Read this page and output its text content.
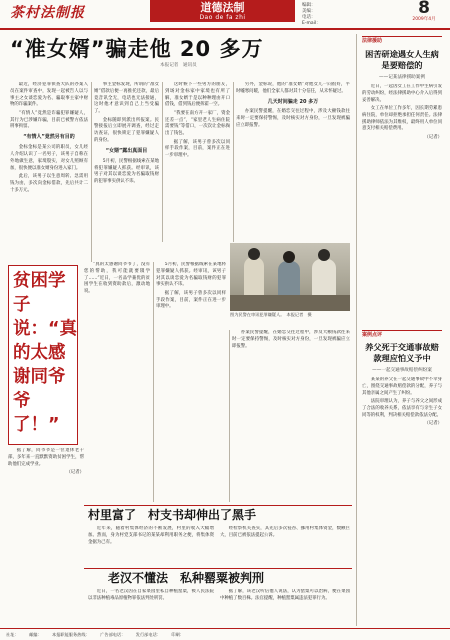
茶村法制报	道德法制
Dao de fa zhi
编辑：
美编：
电话：
E-mail：
8
2009年4月
“准女婿”骗走他 20 多万
本报记者　通讯员

最近，经济犯罪侦查大队的办案人员在案件审查中，发现一起被告人以与事主之女谈恋爱为名、骗取事主家中财物的诈骗案件。

“有情人”竟然是诈骗犯罪嫌疑人，其行为已涉嫌诈骗，目前已被警方依法刑事拘留。

“有情人”竟然另有目的

金标金标是某公司的职员，女儿经人介绍认识了一名男子，该男子自称在外地做生意，家境殷实，对女儿照顾有加，很快便以准女婿身份进入家门。

此后，该男子以生意周转、急需用钱为由，多次向金标借款，先后共计二十多万元。

事主金标发现，所谓的“准女婿”借款后便一再推托还款，最后竟音讯全无，电话也无法接通，这时他才意识到自己上当受骗了。

金标随即到派出所报案。民警接报后立即展开调查，经过走访查证，很快锁定了犯罪嫌疑人的身份。

“女婿”露出真面目

5月初，民警根据线索在某地将犯罪嫌疑人抓获。经审讯，该男子对其以谈恋爱为名骗取钱财的犯罪事实供认不讳。

这时候下一些男方的朋友，到场对金标家中家境也有所了解，准女婿于是以种种理由开口借钱，借到钱后便挥霍一空。

“我要在南方开一家厂，资金还差一点”，“家里老人生病住院需要钱”等借口，一次次让金标掏出了钱包。

据了解，该男子曾多次以同样手段作案，目前，案件正在进一步审理中。

另外，金标说，他的“准女婿”对他女儿一向很好，平时嘘寒问暖，他们全家人都对其十分信任，从未怀疑过。

几天时间骗走 20 多万

办案民警提醒，在婚恋交往过程中，涉及大额钱款往来时一定要保持警惕，及时核实对方身份，一旦发现被骗应立即报警。

图为民警在审讯犯罪嫌疑人。　本报记者　摄

“真的太感谢同爷爷了，没有您的帮助，我可能就要辍学了……”近日，一名品学兼优的贫困学生在收到资助款后，激动地说。

贫困学子说：“真的太感谢同爷爷了！”

据了解，同爷爷是一位退休老干部，多年来一直默默资助贫困学生，帮助他们完成学业。

（记者）

5月初，民警根据线索在某地将犯罪嫌疑人抓获。经审讯，该男子对其以谈恋爱为名骗取钱财的犯罪事实供认不讳。

据了解，该男子曾多次以同样手段作案，目前，案件正在进一步审理中。

办案民警提醒，在婚恋交往过程中，涉及大额钱款往来时一定要保持警惕，及时核实对方身份，一旦发现被骗应立即报警。

村里富了　村支书却伸出了黑手

近年来，随着村集体经济的不断发展，村里的收入大幅增加。然而，身为村党支部书记的某某却利用职务之便，将集体资金据为己有。

经检察机关查实，其先后多次侵吞、挪用村集体资金，数额巨大，目前已被依法提起公诉。

老汉不懂法　私种罂粟被判刑

近日，一名老汉因在自家菜园里私自种植罂粟，被人民法院以非法种植毒品原植物罪依法判处刑罚。

据了解，该老汉听信他人说法，认为罂粟可以治病，便在菜园中种植了数百株。法官提醒，种植罂粟属违法犯罪行为。

法律援助
困苦研途遇女人生病是要赔偿的
——记某法律援助案例

近日，一起因女工在工作中生病引发的劳动纠纷，经法律援助中心介入后得到妥善解决。

女工在单位工作多年，因长期劳累患病住院，单位却拒绝承担任何责任。法律援助律师依法为其维权，最终用人单位同意支付相关赔偿费用。

（记者）

案例点评
养父死于交通事故赔款理应怕义予中
——一起交通事故赔偿纠纷案

某某的养父在一起交通事故中不幸身亡，围绕交通事故赔偿款的分配，养子与其他亲属之间产生了纠纷。

法院审理认为，养子与养父之间形成了合法的收养关系，依法享有与亲生子女同等的权利，判决相关赔偿款依法分配。

（记者）

社址：　　　邮编：　　　本报职能服务热线：　　　广告部电话：　　　发行部电话：　　　印刷：　　　
